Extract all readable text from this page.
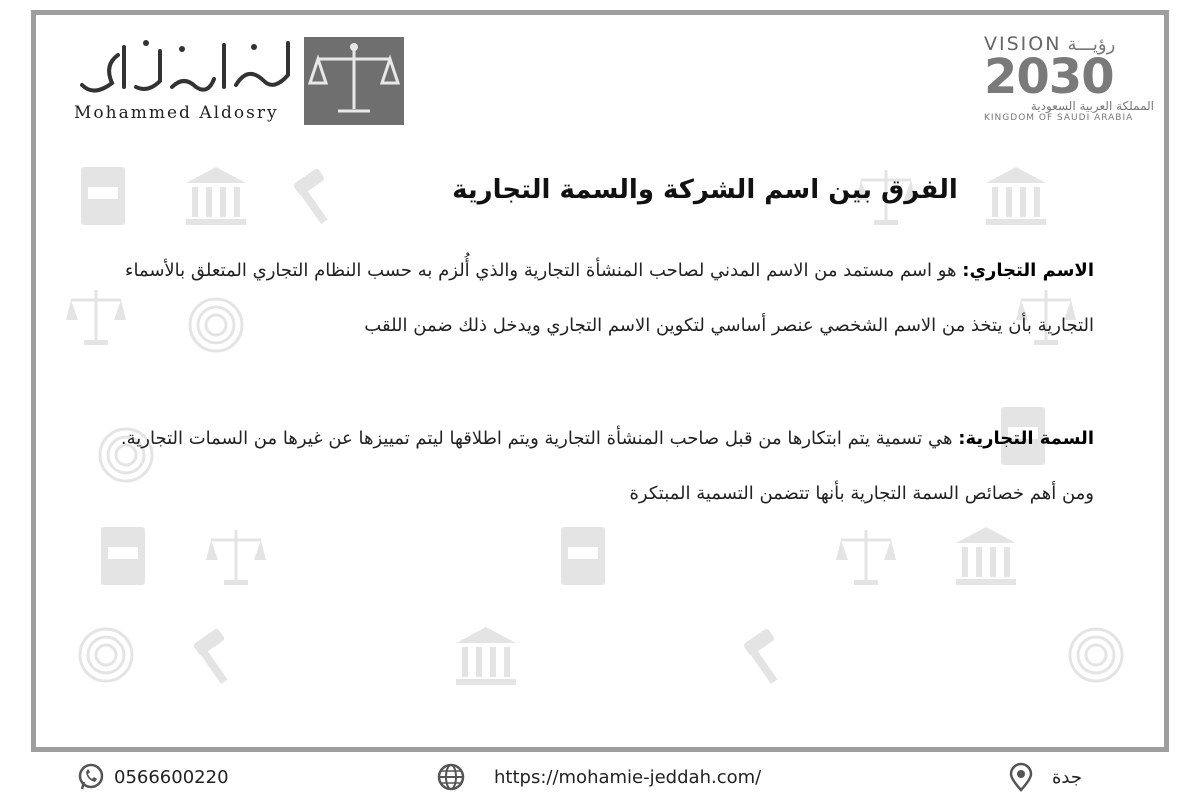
Mohammed Aldosry
VISION رؤيـــة
2030
المملكة العربية السعودية
KINGDOM OF SAUDI ARABIA
الفرق بين اسم الشركة والسمة التجارية
الاسم التجاري: هو اسم مستمد من الاسم المدني لصاحب المنشأة التجارية والذي أُلزم به حسب النظام التجاري المتعلق بالأسماء التجارية بأن يتخذ من الاسم الشخصي عنصر أساسي لتكوين الاسم التجاري ويدخل ذلك ضمن اللقب
السمة التجارية: هي تسمية يتم ابتكارها من قبل صاحب المنشأة التجارية ويتم اطلاقها ليتم تمييزها عن غيرها من السمات التجارية. ومن أهم خصائص السمة التجارية بأنها تتضمن التسمية المبتكرة
0566600220	https://mohamie-jeddah.com/	جدة
